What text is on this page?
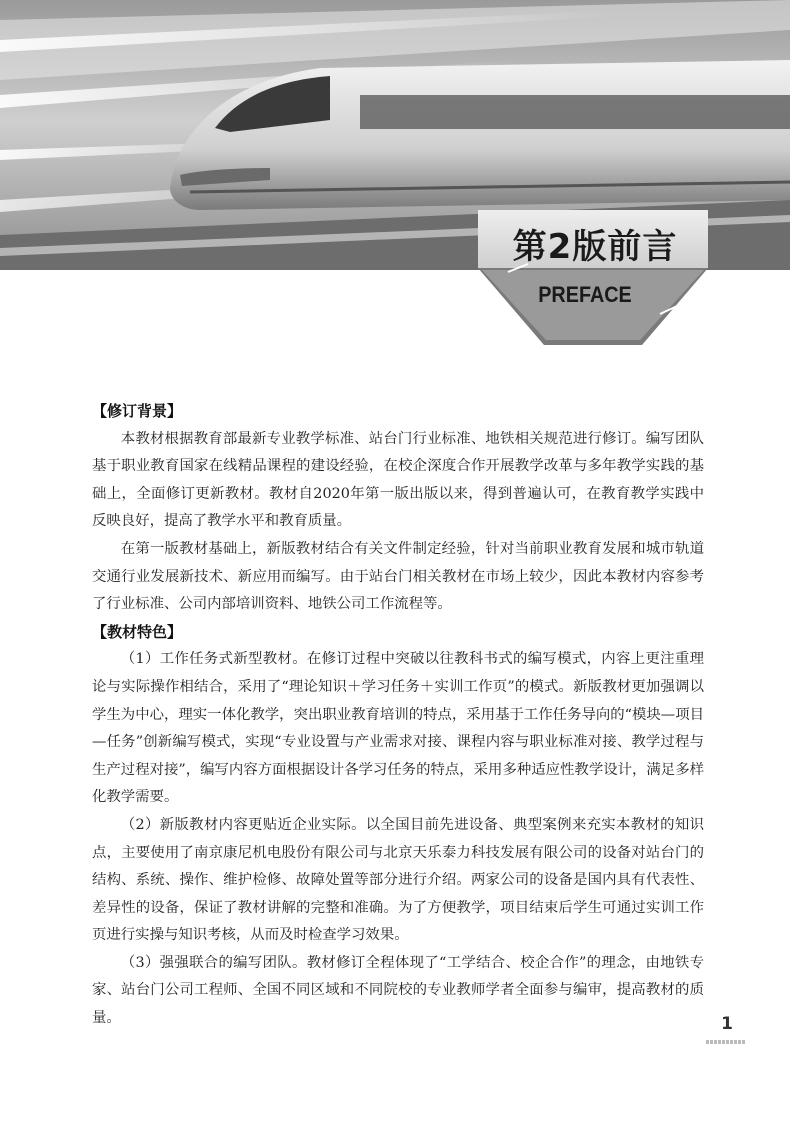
第2版前言
PREFACE

【修订背景】

本教材根据教育部最新专业教学标准、站台门行业标准、地铁相关规范进行修订。编写团队基于职业教育国家在线精品课程的建设经验，在校企深度合作开展教学改革与多年教学实践的基础上，全面修订更新教材。教材自2020年第一版出版以来，得到普遍认可，在教育教学实践中反映良好，提高了教学水平和教育质量。

在第一版教材基础上，新版教材结合有关文件制定经验，针对当前职业教育发展和城市轨道交通行业发展新技术、新应用而编写。由于站台门相关教材在市场上较少，因此本教材内容参考了行业标准、公司内部培训资料、地铁公司工作流程等。

【教材特色】

（1）工作任务式新型教材。在修订过程中突破以往教科书式的编写模式，内容上更注重理论与实际操作相结合，采用了“理论知识＋学习任务＋实训工作页”的模式。新版教材更加强调以学生为中心，理实一体化教学，突出职业教育培训的特点，采用基于工作任务导向的“模块—项目—任务”创新编写模式，实现“专业设置与产业需求对接、课程内容与职业标准对接、教学过程与生产过程对接”，编写内容方面根据设计各学习任务的特点，采用多种适应性教学设计，满足多样化教学需要。

（2）新版教材内容更贴近企业实际。以全国目前先进设备、典型案例来充实本教材的知识点，主要使用了南京康尼机电股份有限公司与北京天乐泰力科技发展有限公司的设备对站台门的结构、系统、操作、维护检修、故障处置等部分进行介绍。两家公司的设备是国内具有代表性、差异性的设备，保证了教材讲解的完整和准确。为了方便教学，项目结束后学生可通过实训工作页进行实操与知识考核，从而及时检查学习效果。

（3）强强联合的编写团队。教材修订全程体现了“工学结合、校企合作”的理念，由地铁专家、站台门公司工程师、全国不同区域和不同院校的专业教师学者全面参与编审，提高教材的质量。	1
